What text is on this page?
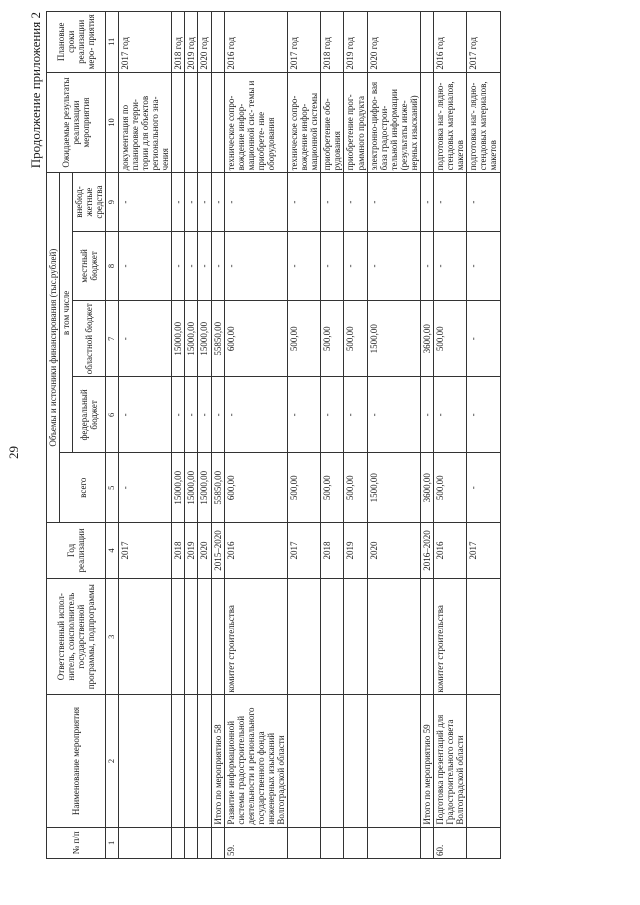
29
Продолжение приложения 2
№ п/п	Наименование мероприятия	Ответственный испол- нитель, соисполнитель государственной программы, подпрограммы	Год реализации	Объемы и источники финансирования (тыс.рублей)					Ожидаемые результаты реализации мероприятия	Плановые сроки реализации меро- приятия
				всего	в том числе					
					федеральный бюджет	областной бюджет	местный бюджет	внебюд- жетные средства		
1	2	3	4	5	6	7	8	9	10	11
			2017	-	-	-	-	-	документация по планировке терри- тории для объектов регионального зна- чения	2017 год
			2018	15000,00	-	15000,00	-	-		2018 год
			2019	15000,00	-	15000,00	-	-		2019 год
			2020	15000,00	-	15000,00	-	-		2020 год
	Итого по мероприятию 58		2015–2020	55850,00	-	55850,00	-	-		
59.	Развитие информационной системы градостроительной деятельности и регионального государственного фонда инженерных изысканий Волгоградской области	комитет строительства	2016	600,00	-	600,00	-	-	техническое сопро- вождение инфор- мационной сис- темы и приобрете- ние оборудования	2016 год
			2017	500,00	-	500,00	-	-	техническое сопро- вождение инфор- мационной системы	2017 год
			2018	500,00	-	500,00	-	-	приобретение обо- рудования	2018 год
			2019	500,00	-	500,00	-	-	приобретение прог- раммного продукта	2019 год
			2020	1500,00	-	1500,00	-	-	электронно-цифро- вая база градострои- тельной информации (результаты инже- нерных изысканий)	2020 год
	Итого по мероприятию 59		2016–2020	3600,00	-	3600,00	-	-		
60.	Подготовка презентаций для Градостроительного совета Волгоградской области	комитет строительства	2016	500,00	-	500,00	-	-	подготовка наг- лядно-стендовых материалов, макетов	2016 год
			2017	-	-	-	-	-	подготовка наг- лядно-стендовых материалов, макетов	2017 год
